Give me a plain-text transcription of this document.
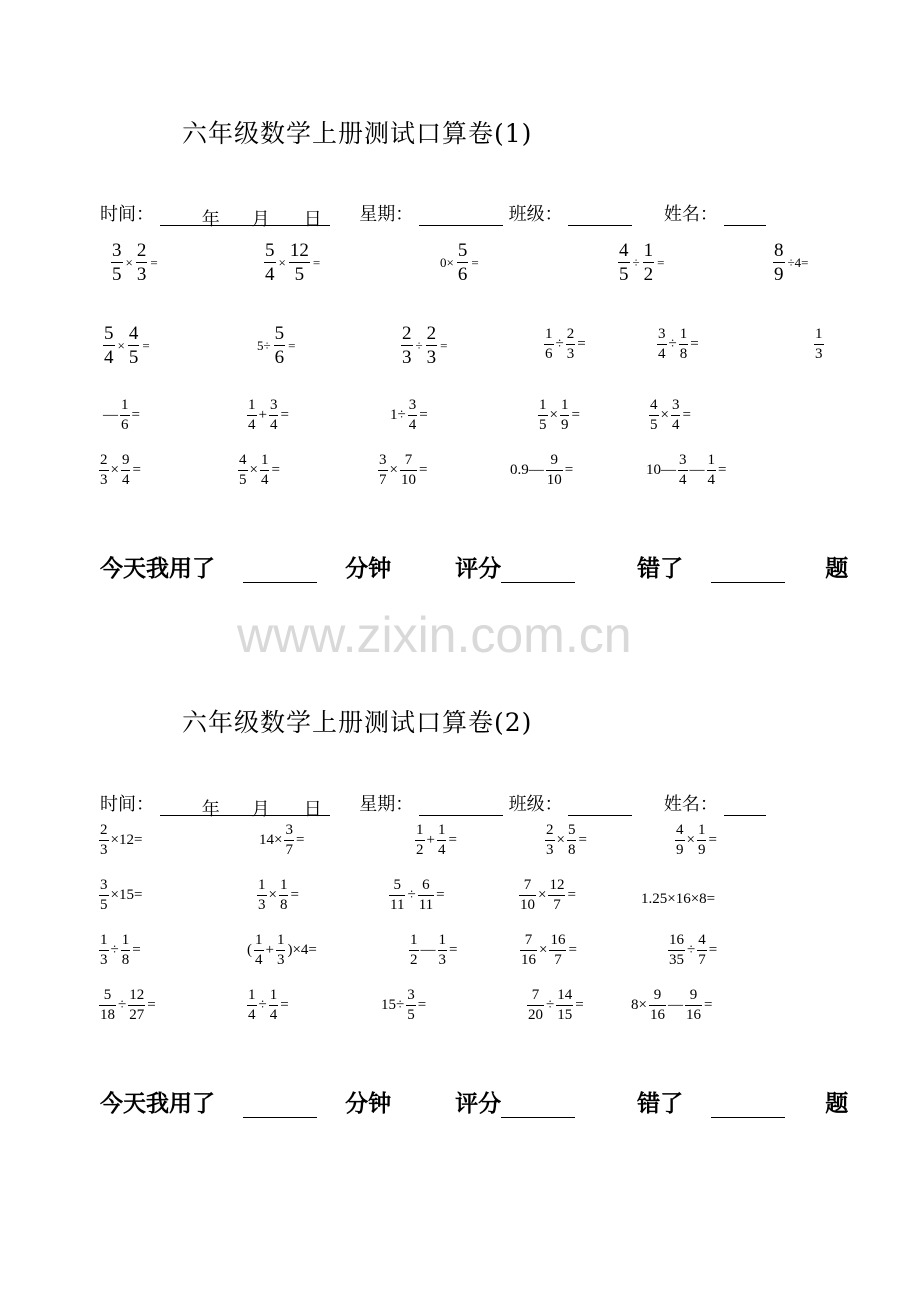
六年级数学上册测试口算卷(1)
时间：	年 月 日 星期：	班级：	姓名：
$\frac{3}{5} \times \frac{2}{3}$ =	$\frac{5}{4} \times \frac{12}{5}$ =	$0\times \frac{5}{6}$ =	$\frac{4}{5} \div \frac{1}{2}$ =	$\frac{8}{9} \div 4=$
$\frac{5}{4} \times \frac{4}{5}$ =	$5\div \frac{5}{6}$ =	$\frac{2}{3} \div \frac{2}{3}$ =	$\frac{1}{6} \div \frac{2}{3}$ =	$\frac{3}{4} \div \frac{1}{8}$ =	$\frac{1}{3}$
— $\frac{1}{6}$ =	$\frac{1}{4} + \frac{3}{4}$ =	$1\div \frac{3}{4}$ =	$\frac{1}{5} \times \frac{1}{9}$ =	$\frac{4}{5} \times \frac{3}{4}$ =
$\frac{2}{3} \times \frac{9}{4}$ =	$\frac{4}{5} \times \frac{1}{4}$ =	$\frac{3}{7} \times \frac{7}{10}$ =	0.9— $\frac{9}{10}$ =	10— $\frac{3}{4}$ — $\frac{1}{4}$ =
今天我用了	分钟	评分	错了	题
www.zixin.com.cn
六年级数学上册测试口算卷(2)
时间：	年 月 日 星期：	班级：	姓名：
$\frac{2}{3} \times 12=$	$14\times \frac{3}{7}$ =	$\frac{1}{2} + \frac{1}{4}$ =	$\frac{2}{3} \times \frac{5}{8}$ =	$\frac{4}{9} \times \frac{1}{9}$ =
$\frac{3}{5} \times 15=$	$\frac{1}{3} \times \frac{1}{8}$ =	$\frac{5}{11} \div \frac{6}{11}$ =	$\frac{7}{10} \times \frac{12}{7}$ =	1.25×16×8=
$\frac{1}{3} \div \frac{1}{8}$ =	( $\frac{1}{4} + \frac{1}{3} )\times 4=$	$\frac{1}{2}$ — $\frac{1}{3}$ =	$\frac{7}{16} \times \frac{16}{7}$ =	$\frac{16}{35} \div \frac{4}{7}$ =
$\frac{5}{18} \div \frac{12}{27}$ =	$\frac{1}{4} \div \frac{1}{4}$ =	$15\div \frac{3}{5}$ =	$\frac{7}{20} \div \frac{14}{15}$ =	$8\times \frac{9}{16}$ — $\frac{9}{16}$ =
今天我用了	分钟	评分	错了	题
